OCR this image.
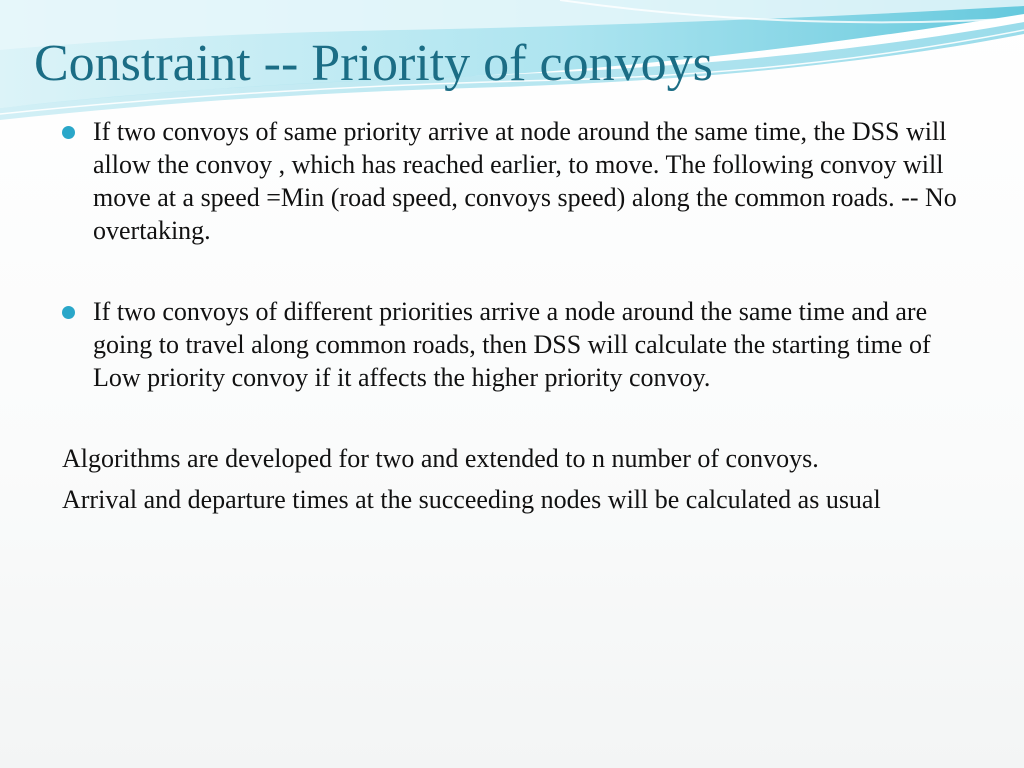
Constraint -- Priority of convoys

If two convoys of same priority arrive at node around the same time, the DSS will allow the convoy , which has reached earlier, to move. The following convoy will move at a speed =Min (road speed, convoys speed) along the common roads. -- No overtaking.

If two convoys of different priorities arrive a node around the same time and are going to travel along common roads, then DSS will calculate the starting time of Low priority convoy if it affects the higher priority convoy.

Algorithms are developed for two and extended to n number of convoys.

Arrival and departure times at the succeeding nodes will be calculated as usual
